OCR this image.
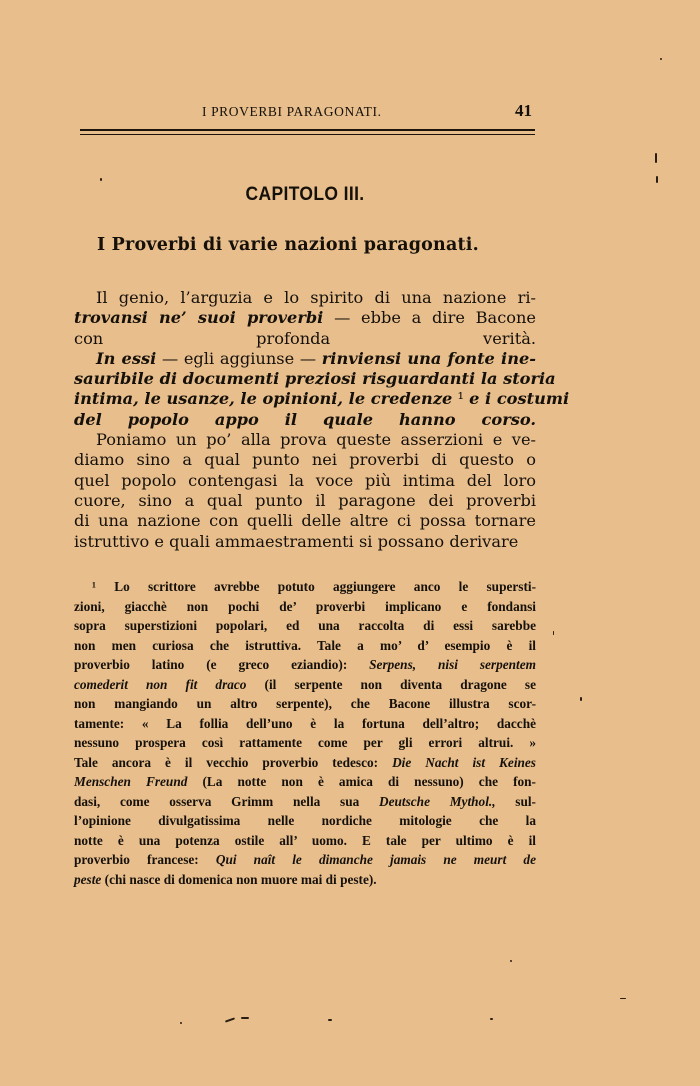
I PROVERBI PARAGONATI.	41
CAPITOLO III.
I Proverbi di varie nazioni paragonati.
Il genio, l’arguzia e lo spirito di una nazione ri-
trovansi ne’ suoi proverbi — ebbe a dire Bacone
con profonda verità.
In essi — egli aggiunse — rinviensi una fonte ine-
sauribile di documenti preziosi risguardanti la storia
intima, le usanze, le opinioni, le credenze ¹ e i costumi
del popolo appo il quale hanno corso.
Poniamo un po’ alla prova queste asserzioni e ve-
diamo sino a qual punto nei proverbi di questo o
quel popolo contengasi la voce più intima del loro
cuore, sino a qual punto il paragone dei proverbi
di una nazione con quelli delle altre ci possa tornare
istruttivo e quali ammaestramenti si possano derivare
¹ Lo scrittore avrebbe potuto aggiungere anco le supersti-
zioni, giacchè non pochi de’ proverbi implicano e fondansi
sopra superstizioni popolari, ed una raccolta di essi sarebbe
non men curiosa che istruttiva. Tale a mo’ d’ esempio è il
proverbio latino (e greco eziandio): Serpens, nisi serpentem
comederit non fit draco (il serpente non diventa dragone se
non mangiando un altro serpente), che Bacone illustra scor-
tamente: « La follia dell’uno è la fortuna dell’altro; dacchè
nessuno prospera così rattamente come per gli errori altrui. »
Tale ancora è il vecchio proverbio tedesco: Die Nacht ist Keines
Menschen Freund (La notte non è amica di nessuno) che fon-
dasi, come osserva Grimm nella sua Deutsche Mythol., sul-
l’opinione divulgatissima nelle nordiche mitologie che la
notte è una potenza ostile all’ uomo. E tale per ultimo è il
proverbio francese: Qui naît le dimanche jamais ne meurt de
peste (chi nasce di domenica non muore mai di peste).
